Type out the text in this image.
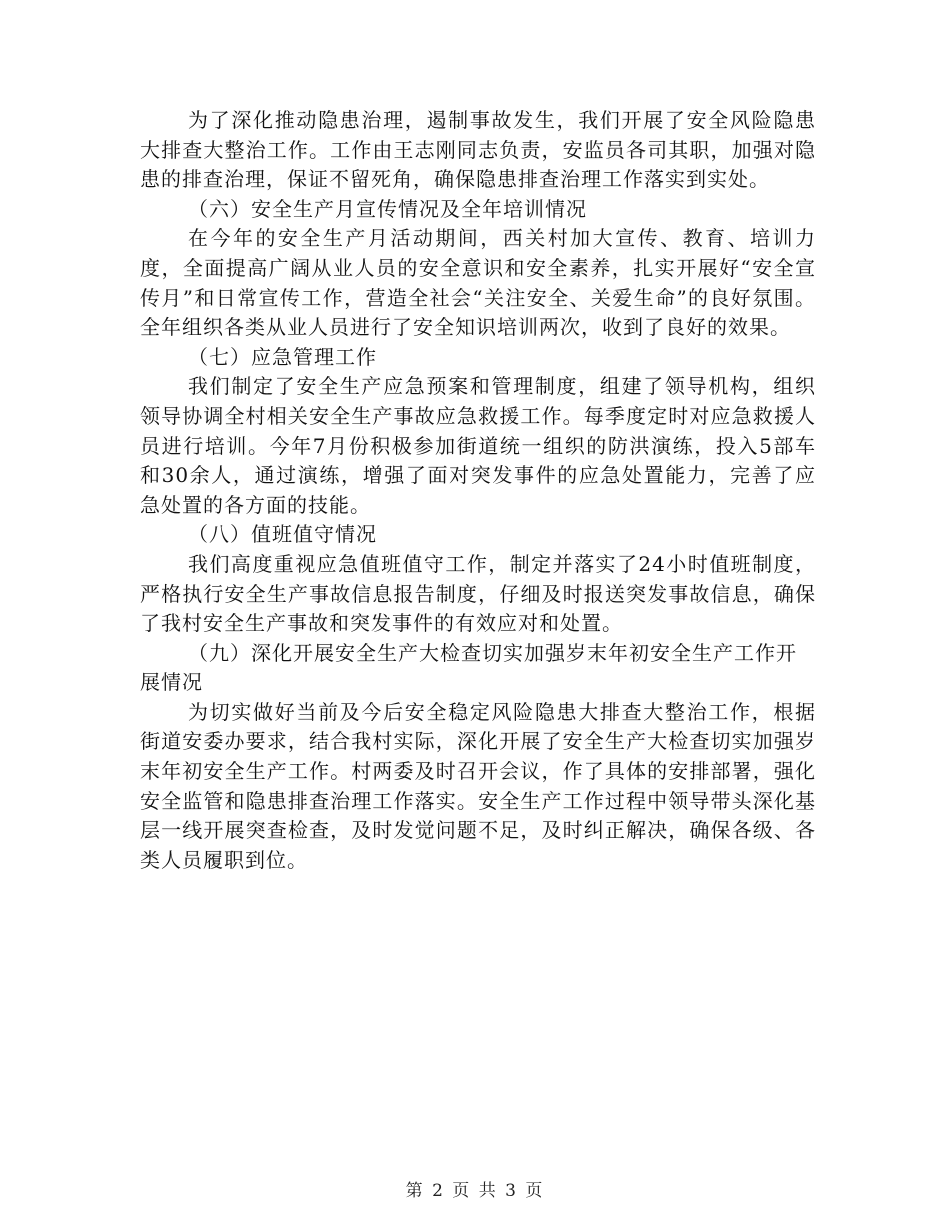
为了深化推动隐患治理，遏制事故发生，我们开展了安全风险隐患大排查大整治工作。工作由王志刚同志负责，安监员各司其职，加强对隐患的排查治理，保证不留死角，确保隐患排查治理工作落实到实处。

（六）安全生产月宣传情况及全年培训情况

在今年的安全生产月活动期间，西关村加大宣传、教育、培训力度，全面提高广阔从业人员的安全意识和安全素养，扎实开展好“安全宣传月”和日常宣传工作，营造全社会“关注安全、关爱生命”的良好氛围。全年组织各类从业人员进行了安全知识培训两次，收到了良好的效果。

（七）应急管理工作

我们制定了安全生产应急预案和管理制度，组建了领导机构，组织领导协调全村相关安全生产事故应急救援工作。每季度定时对应急救援人员进行培训。今年7月份积极参加街道统一组织的防洪演练，投入5部车和30余人，通过演练，增强了面对突发事件的应急处置能力，完善了应急处置的各方面的技能。

（八）值班值守情况

我们高度重视应急值班值守工作，制定并落实了24小时值班制度，严格执行安全生产事故信息报告制度，仔细及时报送突发事故信息，确保了我村安全生产事故和突发事件的有效应对和处置。

（九）深化开展安全生产大检查切实加强岁末年初安全生产工作开展情况

为切实做好当前及今后安全稳定风险隐患大排查大整治工作，根据街道安委办要求，结合我村实际，深化开展了安全生产大检查切实加强岁末年初安全生产工作。村两委及时召开会议，作了具体的安排部署，强化安全监管和隐患排查治理工作落实。安全生产工作过程中领导带头深化基层一线开展突查检查，及时发觉问题不足，及时纠正解决，确保各级、各类人员履职到位。

第 2 页 共 3 页
